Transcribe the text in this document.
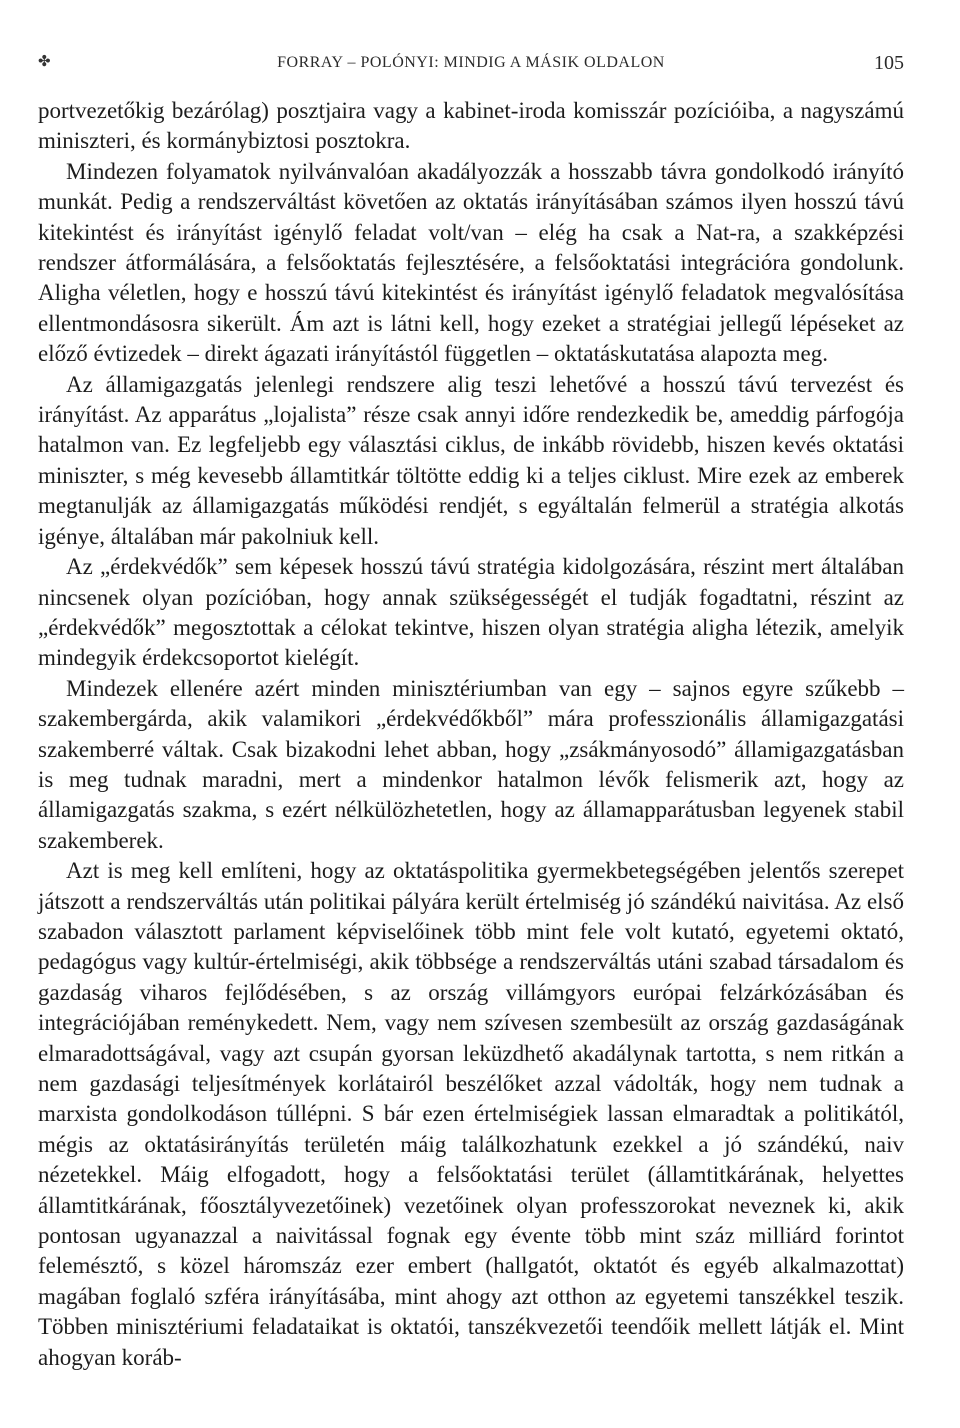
✤	FORRAY – POLÓNYI: MINDIG A MÁSIK OLDALON	105

portvezetőkig bezárólag) posztjaira vagy a kabinet-iroda komisszár pozícióiba, a nagyszámú miniszteri, és kormánybiztosi posztokra.

Mindezen folyamatok nyilvánvalóan akadályozzák a hosszabb távra gondolkodó irányító munkát. Pedig a rendszerváltást követően az oktatás irányításában számos ilyen hosszú távú kitekintést és irányítást igénylő feladat volt/van – elég ha csak a Nat-ra, a szakképzési rendszer átformálására, a felsőoktatás fejlesztésére, a felsőoktatási integrációra gondolunk. Aligha véletlen, hogy e hosszú távú kitekintést és irányítást igénylő feladatok megvalósítása ellentmondásosra sikerült. Ám azt is látni kell, hogy ezeket a stratégiai jellegű lépéseket az előző évtizedek – direkt ágazati irányítástól független – oktatáskutatása alapozta meg.

Az államigazgatás jelenlegi rendszere alig teszi lehetővé a hosszú távú tervezést és irányítást. Az apparátus „lojalista” része csak annyi időre rendezkedik be, ameddig párfogója hatalmon van. Ez legfeljebb egy választási ciklus, de inkább rövidebb, hiszen kevés oktatási miniszter, s még kevesebb államtitkár töltötte eddig ki a teljes ciklust. Mire ezek az emberek megtanulják az államigazgatás működési rendjét, s egyáltalán felmerül a stratégia alkotás igénye, általában már pakolniuk kell.

Az „érdekvédők” sem képesek hosszú távú stratégia kidolgozására, részint mert általában nincsenek olyan pozícióban, hogy annak szükségességét el tudják fogadtatni, részint az „érdekvédők” megosztottak a célokat tekintve, hiszen olyan stratégia aligha létezik, amelyik mindegyik érdekcsoportot kielégít.

Mindezek ellenére azért minden minisztériumban van egy – sajnos egyre szűkebb – szakembergárda, akik valamikori „érdekvédőkből” mára professzionális államigazgatási szakemberré váltak. Csak bizakodni lehet abban, hogy „zsákmányosodó” államigazgatásban is meg tudnak maradni, mert a mindenkor hatalmon lévők felismerik azt, hogy az államigazgatás szakma, s ezért nélkülözhetetlen, hogy az államapparátusban legyenek stabil szakemberek.

Azt is meg kell említeni, hogy az oktatáspolitika gyermekbetegségében jelentős szerepet játszott a rendszerváltás után politikai pályára került értelmiség jó szándékú naivitása. Az első szabadon választott parlament képviselőinek több mint fele volt kutató, egyetemi oktató, pedagógus vagy kultúr-értelmiségi, akik többsége a rendszerváltás utáni szabad társadalom és gazdaság viharos fejlődésében, s az ország villámgyors európai felzárkózásában és integrációjában reménykedett. Nem, vagy nem szívesen szembesült az ország gazdaságának elmaradottságával, vagy azt csupán gyorsan leküzdhető akadálynak tartotta, s nem ritkán a nem gazdasági teljesítmények korlátairól beszélőket azzal vádolták, hogy nem tudnak a marxista gondolkodáson túllépni. S bár ezen értelmiségiek lassan elmaradtak a politikától, mégis az oktatásirányítás területén máig találkozhatunk ezekkel a jó szándékú, naiv nézetekkel. Máig elfogadott, hogy a felsőoktatási terület (államtitkárának, helyettes államtitkárának, főosztályvezetőinek) vezetőinek olyan professzorokat neveznek ki, akik pontosan ugyanazzal a naivitással fognak egy évente több mint száz milliárd forintot felemésztő, s közel háromszáz ezer embert (hallgatót, oktatót és egyéb alkalmazottat) magában foglaló szféra irányításába, mint ahogy azt otthon az egyetemi tanszékkel teszik. Többen minisztériumi feladataikat is oktatói, tanszékvezetői teendőik mellett látják el. Mint ahogyan koráb-
